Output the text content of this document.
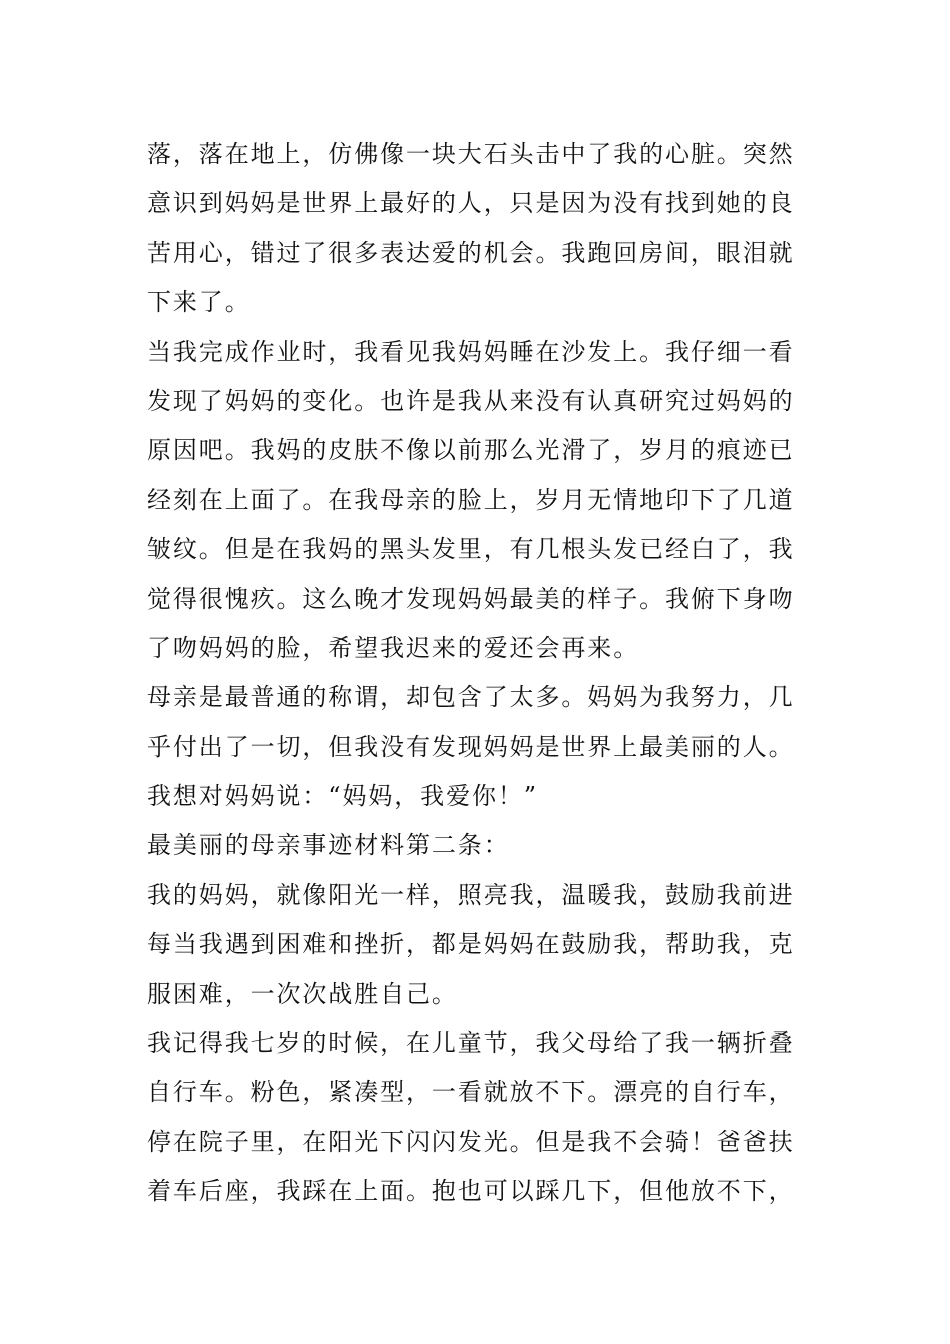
落，落在地上，仿佛像一块大石头击中了我的心脏。突然
意识到妈妈是世界上最好的人，只是因为没有找到她的良
苦用心，错过了很多表达爱的机会。我跑回房间，眼泪就
下来了。
当我完成作业时，我看见我妈妈睡在沙发上。我仔细一看
发现了妈妈的变化。也许是我从来没有认真研究过妈妈的
原因吧。我妈的皮肤不像以前那么光滑了，岁月的痕迹已
经刻在上面了。在我母亲的脸上，岁月无情地印下了几道
皱纹。但是在我妈的黑头发里，有几根头发已经白了，我
觉得很愧疚。这么晚才发现妈妈最美的样子。我俯下身吻
了吻妈妈的脸，希望我迟来的爱还会再来。
母亲是最普通的称谓，却包含了太多。妈妈为我努力，几
乎付出了一切，但我没有发现妈妈是世界上最美丽的人。
我想对妈妈说：“妈妈，我爱你！”
最美丽的母亲事迹材料第二条：
我的妈妈，就像阳光一样，照亮我，温暖我，鼓励我前进
每当我遇到困难和挫折，都是妈妈在鼓励我，帮助我，克
服困难，一次次战胜自己。
我记得我七岁的时候，在儿童节，我父母给了我一辆折叠
自行车。粉色，紧凑型，一看就放不下。漂亮的自行车，
停在院子里，在阳光下闪闪发光。但是我不会骑！爸爸扶
着车后座，我踩在上面。抱也可以踩几下，但他放不下，
